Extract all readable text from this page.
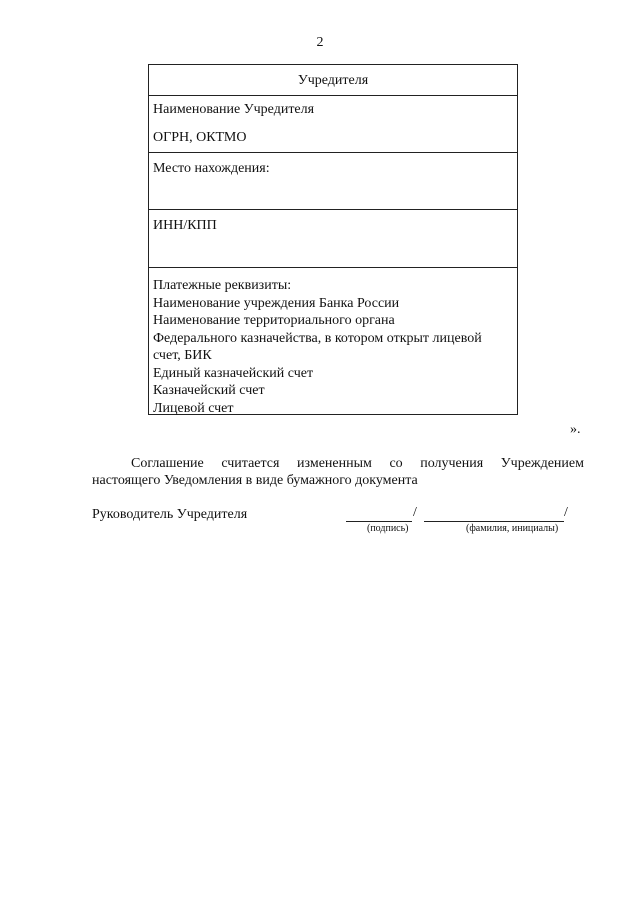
2
Учредителя
Наименование Учредителя
ОГРН, ОКТМО
Место нахождения:
ИНН/КПП
Платежные реквизиты:
Наименование учреждения Банка России
Наименование территориального органа
Федерального казначейства, в котором открыт лицевой
счет, БИК
Единый казначейский счет
Казначейский счет
Лицевой счет
».
Соглашение считается измененным со получения Учреждением
настоящего Уведомления в виде бумажного документа
Руководитель Учредителя	/	/
(подпись)	(фамилия, инициалы)
